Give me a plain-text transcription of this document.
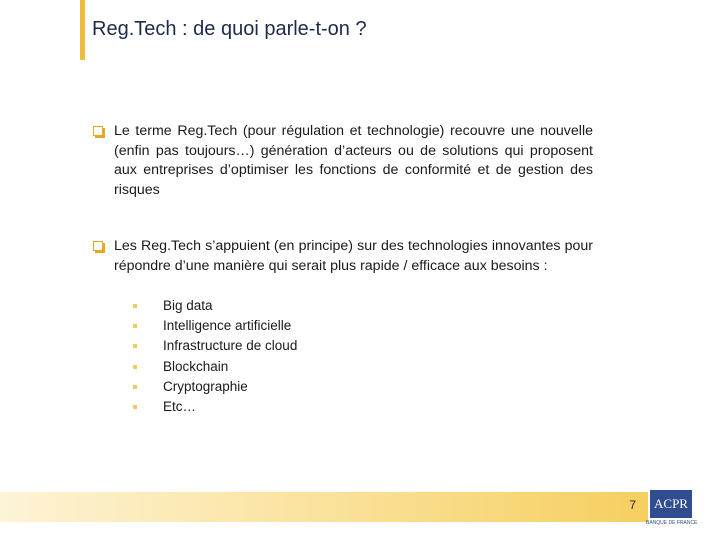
Reg.Tech : de quoi parle-t-on ?
Le terme Reg.Tech (pour régulation et technologie) recouvre une nouvelle (enfin pas toujours…) génération d’acteurs ou de solutions qui proposent aux entreprises d’optimiser les fonctions de conformité et de gestion des risques
Les Reg.Tech s’appuient (en principe) sur des technologies innovantes pour répondre d’une manière qui serait plus rapide / efficace aux besoins :
Big data
Intelligence artificielle
Infrastructure de cloud
Blockchain
Cryptographie
Etc…
7	ACPR
BANQUE DE FRANCE
